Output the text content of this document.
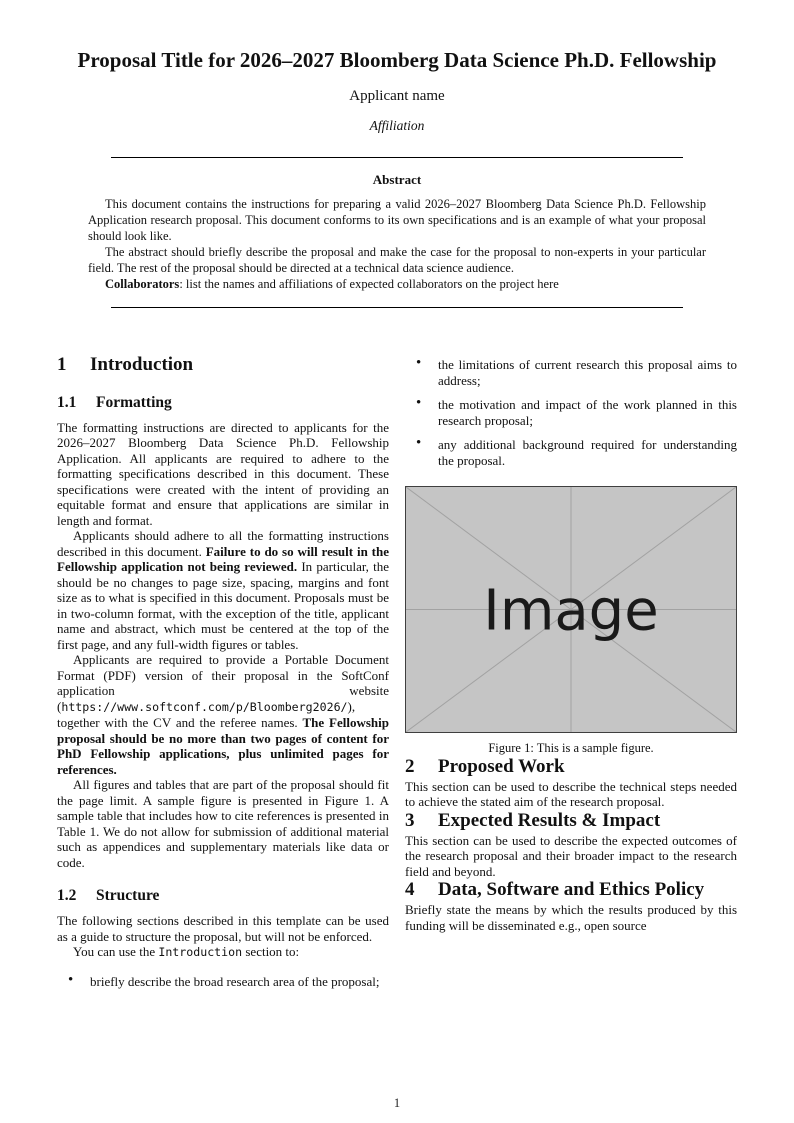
Proposal Title for 2026–2027 Bloomberg Data Science Ph.D. Fellowship
Applicant name
Affiliation
Abstract

This document contains the instructions for preparing a valid 2026–2027 Bloomberg Data Science Ph.D. Fellowship Application research proposal. This document conforms to its own specifications and is an example of what your proposal should look like.

The abstract should briefly describe the proposal and make the case for the proposal to non-experts in your particular field. The rest of the proposal should be directed at a technical data science audience.

Collaborators: list the names and affiliations of expected collaborators on the project here

1	Introduction
1.1	Formatting

The formatting instructions are directed to applicants for the 2026–2027 Bloomberg Data Science Ph.D. Fellowship Application. All applicants are required to adhere to the formatting specifications described in this document. These specifications were created with the intent of providing an equitable format and ensure that applications are similar in length and format.

Applicants should adhere to all the formatting instructions described in this document. Failure to do so will result in the Fellowship application not being reviewed. In particular, the should be no changes to page size, spacing, margins and font size as to what is specified in this document. Proposals must be in two-column format, with the exception of the title, applicant name and abstract, which must be centered at the top of the first page, and any full-width figures or tables.

Applicants are required to provide a Portable Document Format (PDF) version of their proposal in the SoftConf application website (https://www.softconf.com/p/Bloomberg2026/), together with the CV and the referee names. The Fellowship proposal should be no more than two pages of content for PhD Fellowship applications, plus unlimited pages for references.

All figures and tables that are part of the proposal should fit the page limit. A sample figure is presented in Figure 1. A sample table that includes how to cite references is presented in Table 1. We do not allow for submission of additional material such as appendices and supplementary materials like data or code.

1.2	Structure

The following sections described in this template can be used as a guide to structure the proposal, but will not be enforced.

You can use the Introduction section to:

• briefly describe the broad research area of the proposal;
• the limitations of current research this proposal aims to address;
• the motivation and impact of the work planned in this research proposal;
• any additional background required for understanding the proposal.
Image
Figure 1: This is a sample figure.
2	Proposed Work

This section can be used to describe the technical steps needed to achieve the stated aim of the research proposal.

3	Expected Results & Impact

This section can be used to describe the expected outcomes of the research proposal and their broader impact to the research field and beyond.

4	Data, Software and Ethics Policy

Briefly state the means by which the results produced by this funding will be disseminated e.g., open source

1
